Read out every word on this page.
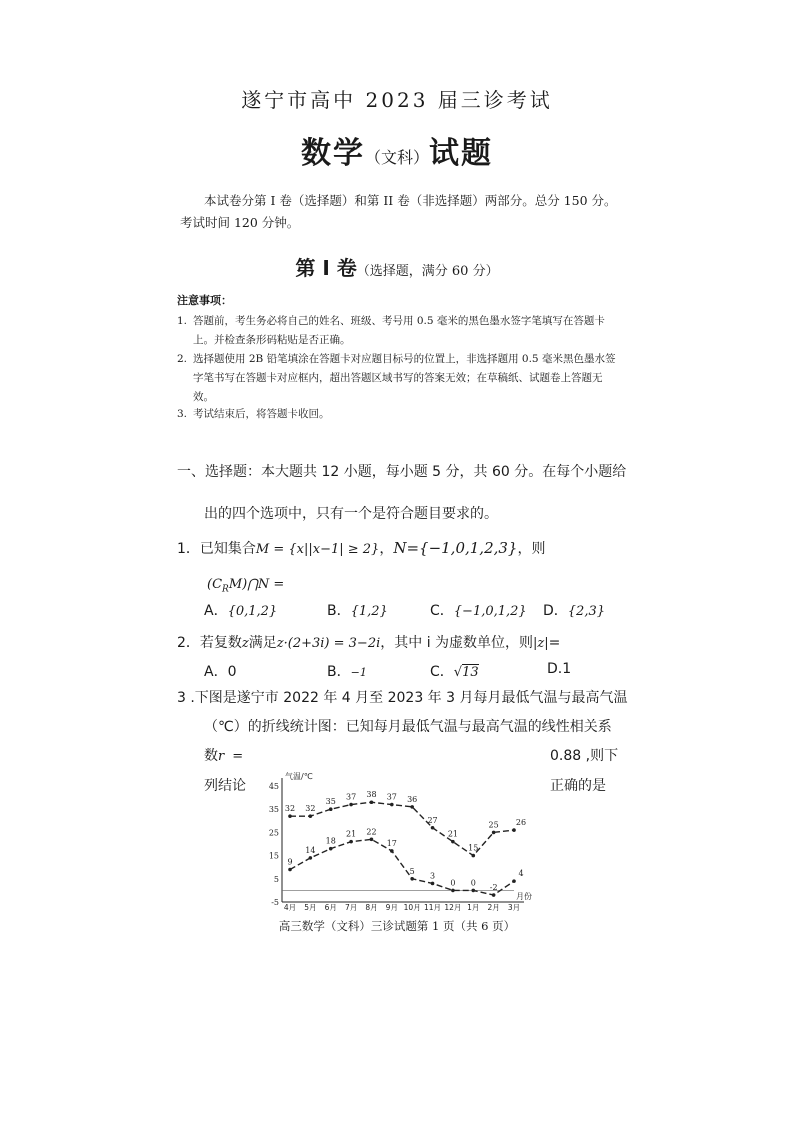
遂宁市高中 2023 届三诊考试
数学（文科）试题
本试卷分第 I 卷（选择题）和第 II 卷（非选择题）两部分。总分 150 分。考试时间 120 分钟。
第 Ⅰ 卷（选择题，满分 60 分）
注意事项：
1. 答题前，考生务必将自己的姓名、班级、考号用 0.5 毫米的黑色墨水签字笔填写在答题卡上。并检查条形码粘贴是否正确。
2. 选择题使用 2B 铅笔填涂在答题卡对应题目标号的位置上，非选择题用 0.5 毫米黑色墨水签字笔书写在答题卡对应框内，超出答题区域书写的答案无效；在草稿纸、试题卷上答题无效。
3. 考试结束后，将答题卡收回。
一、选择题：本大题共 12 小题，每小题 5 分，共 60 分。在每个小题给
出的四个选项中，只有一个是符合题目要求的。
1．已知集合M = {x||x−1| ≥ 2}，N={−1,0,1,2,3}，则
$(C_RM)⋂N$ =
A．{0,1,2}	B．{1,2}	C．{−1,0,1,2} D．{2,3}
2．若复数z满足z·(2+3i) = 3−2i，其中 i 为虚数单位，则|z|=
A．0	B．−1	C．√13	D.1
3 .下图是遂宁市 2022 年 4 月至 2023 年 3 月每月最低气温与最高气温
（℃）的折线统计图：已知每月最低气温与最高气温的线性相关系
数r =	0.88 ,则下
列结论	正确的是
气温/℃
月份
-5
5
15
25
35
45
4月 5月 6月 7月 8月 9月 10月 11月 12月 1月 2月 3月
32 32
35
37 38 37 36
27
21
15
25 26
9
14
18
21 22
17
5
3
0 0
-2
4
高三数学（文科）三诊试题第 1 页（共 6 页）
